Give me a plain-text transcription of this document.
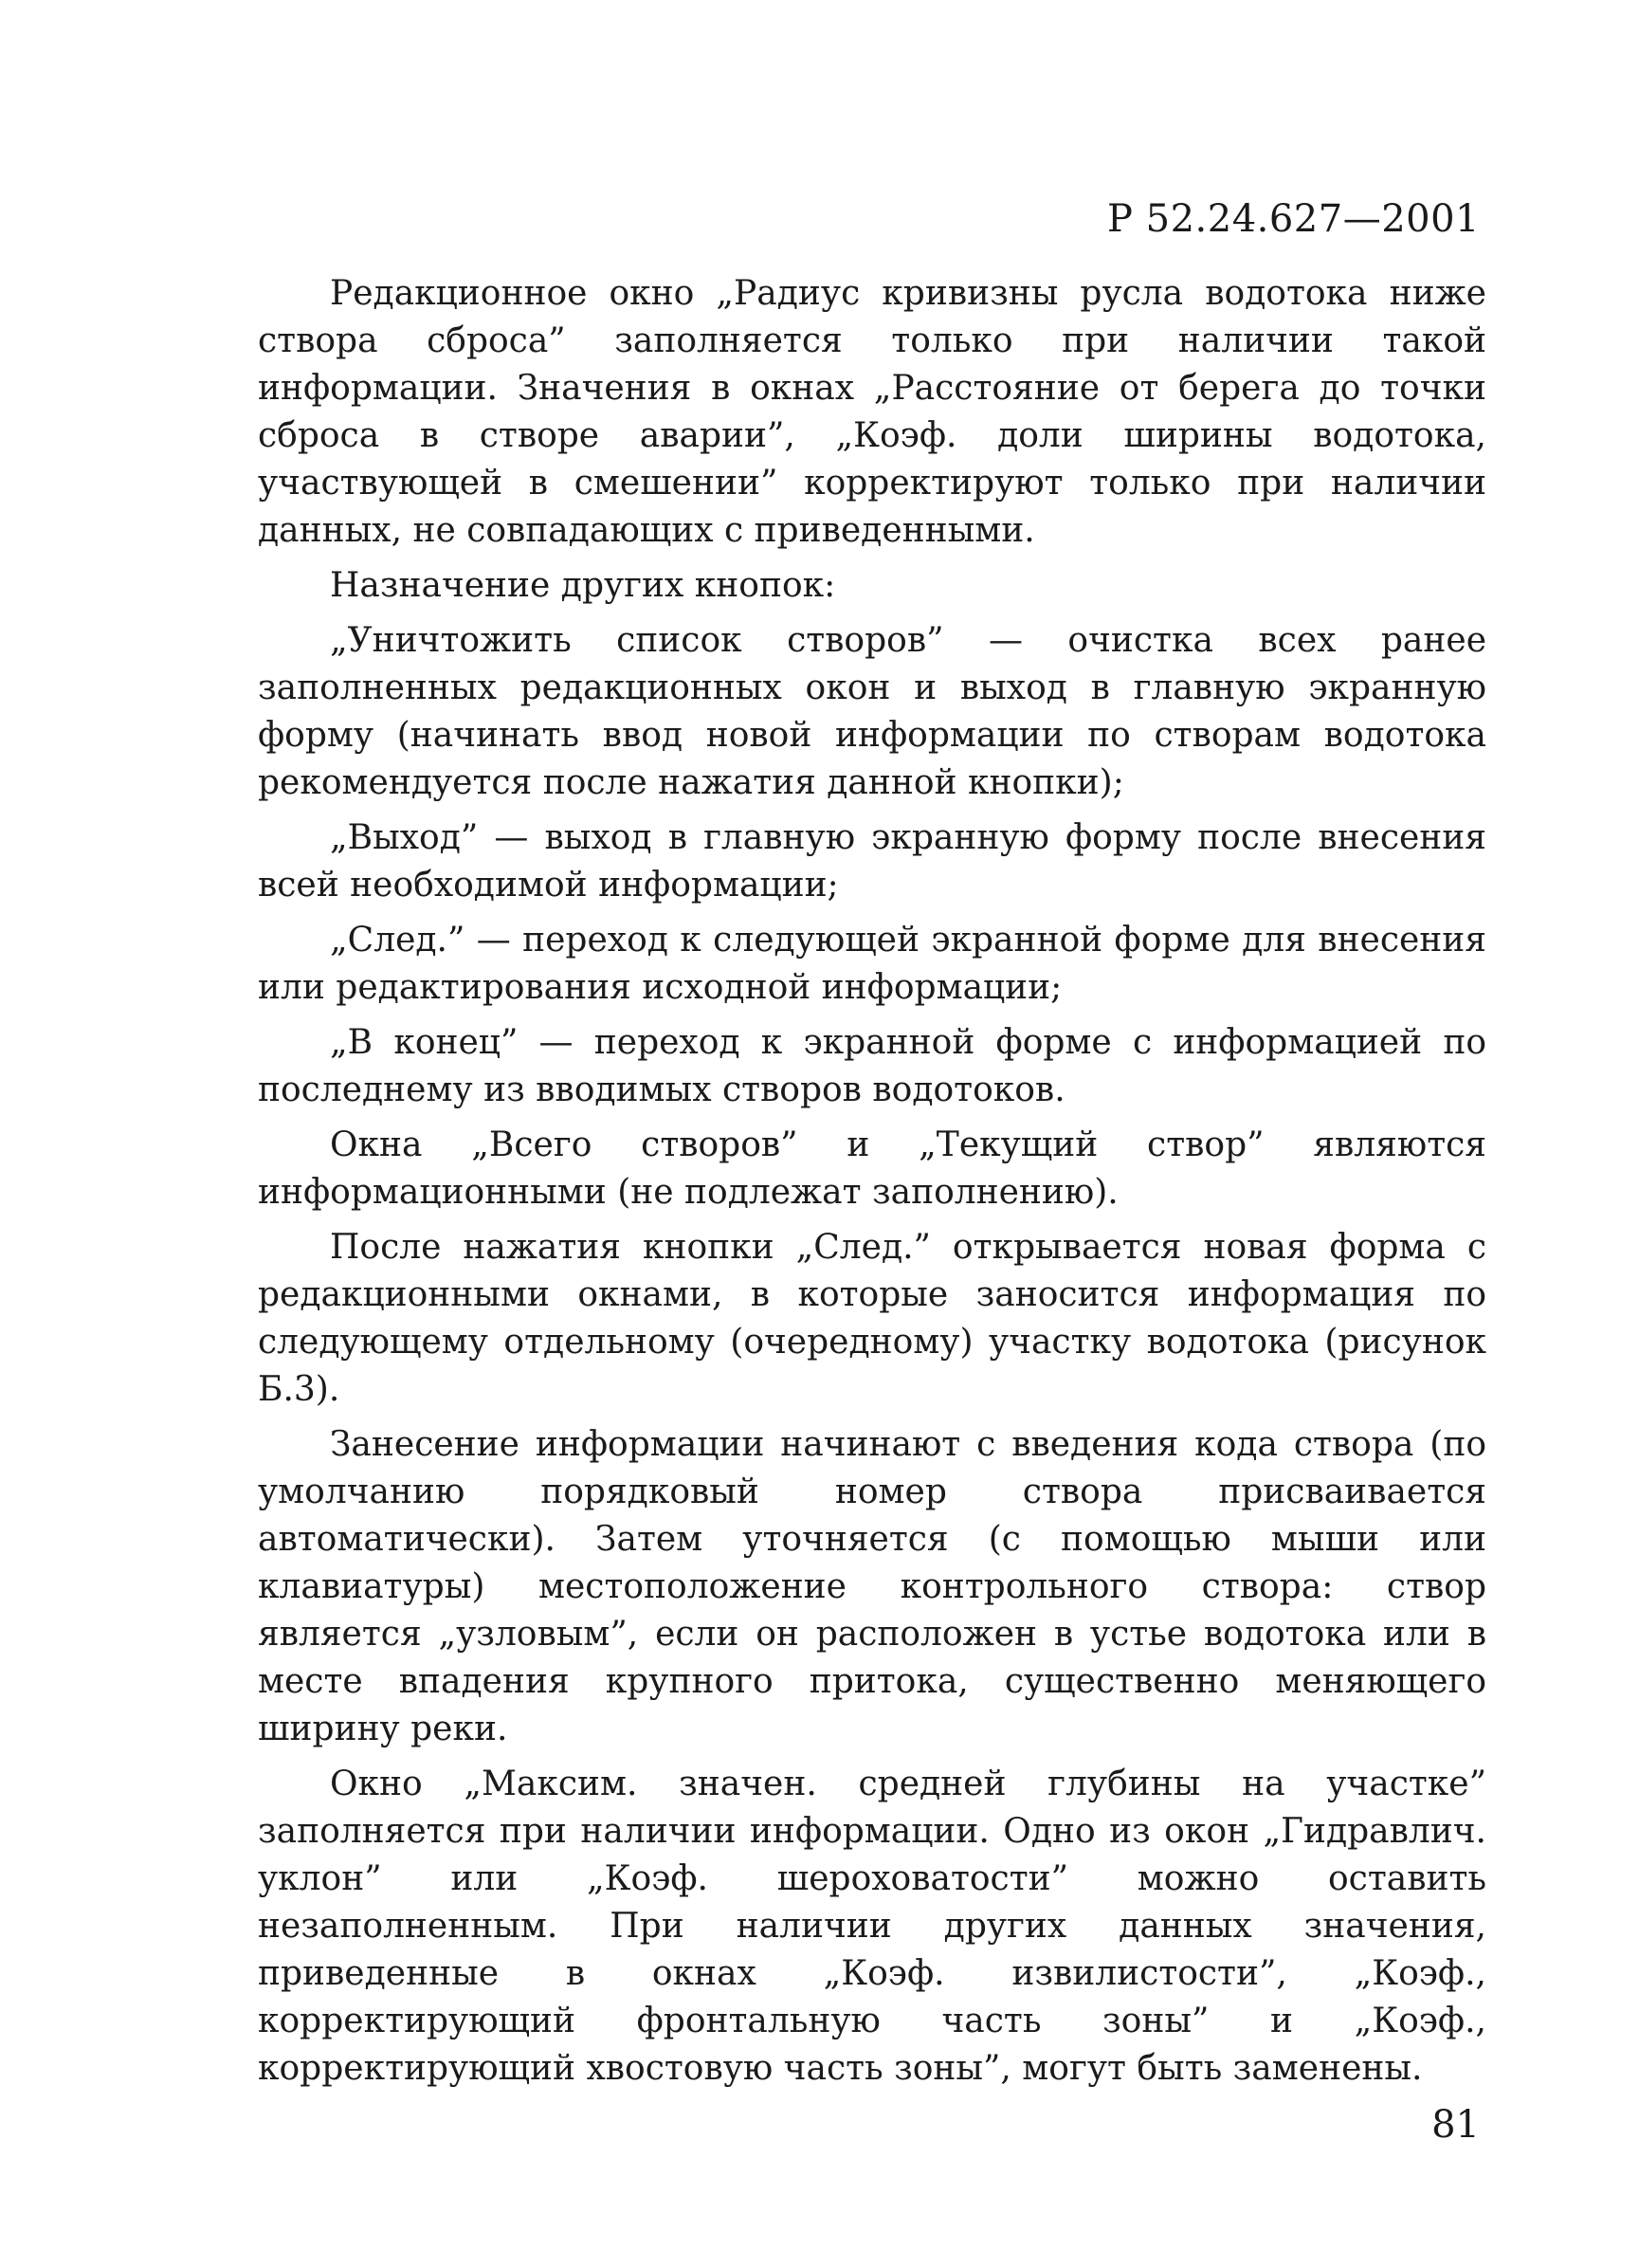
Р 52.24.627—2001

Редакционное окно „Радиус кривизны русла водотока ниже створа сброса” заполняется только при наличии такой информации. Значения в окнах „Расстояние от берега до точки сброса в створе аварии”, „Коэф. доли ширины водотока, участвующей в смешении” корректируют только при наличии данных, не совпадающих с приведенными.

Назначение других кнопок:

„Уничтожить список створов” — очистка всех ранее заполненных редакционных окон и выход в главную экранную форму (начинать ввод новой информации по створам водотока рекомендуется после нажатия данной кнопки);

„Выход” — выход в главную экранную форму после внесения всей необходимой информации;

„След.” — переход к следующей экранной форме для внесения или редактирования исходной информации;

„В конец” — переход к экранной форме с информацией по последнему из вводимых створов водотоков.

Окна „Всего створов” и „Текущий створ” являются информационными (не подлежат заполнению).

После нажатия кнопки „След.” открывается новая форма с редакционными окнами, в которые заносится информация по следующему отдельному (очередному) участку водотока (рисунок Б.3).

Занесение информации начинают с введения кода створа (по умолчанию порядковый номер створа присваивается автоматически). Затем уточняется (с помощью мыши или клавиатуры) местоположение контрольного створа: створ является „узловым”, если он расположен в устье водотока или в месте впадения крупного притока, существенно меняющего ширину реки.

Окно „Максим. значен. средней глубины на участке” заполняется при наличии информации. Одно из окон „Гидравлич. уклон” или „Коэф. шероховатости” можно оставить незаполненным. При наличии других данных значения, приведенные в окнах „Коэф. извилистости”, „Коэф., корректирующий фронтальную часть зоны” и „Коэф., корректирующий хвостовую часть зоны”, могут быть заменены.

81
